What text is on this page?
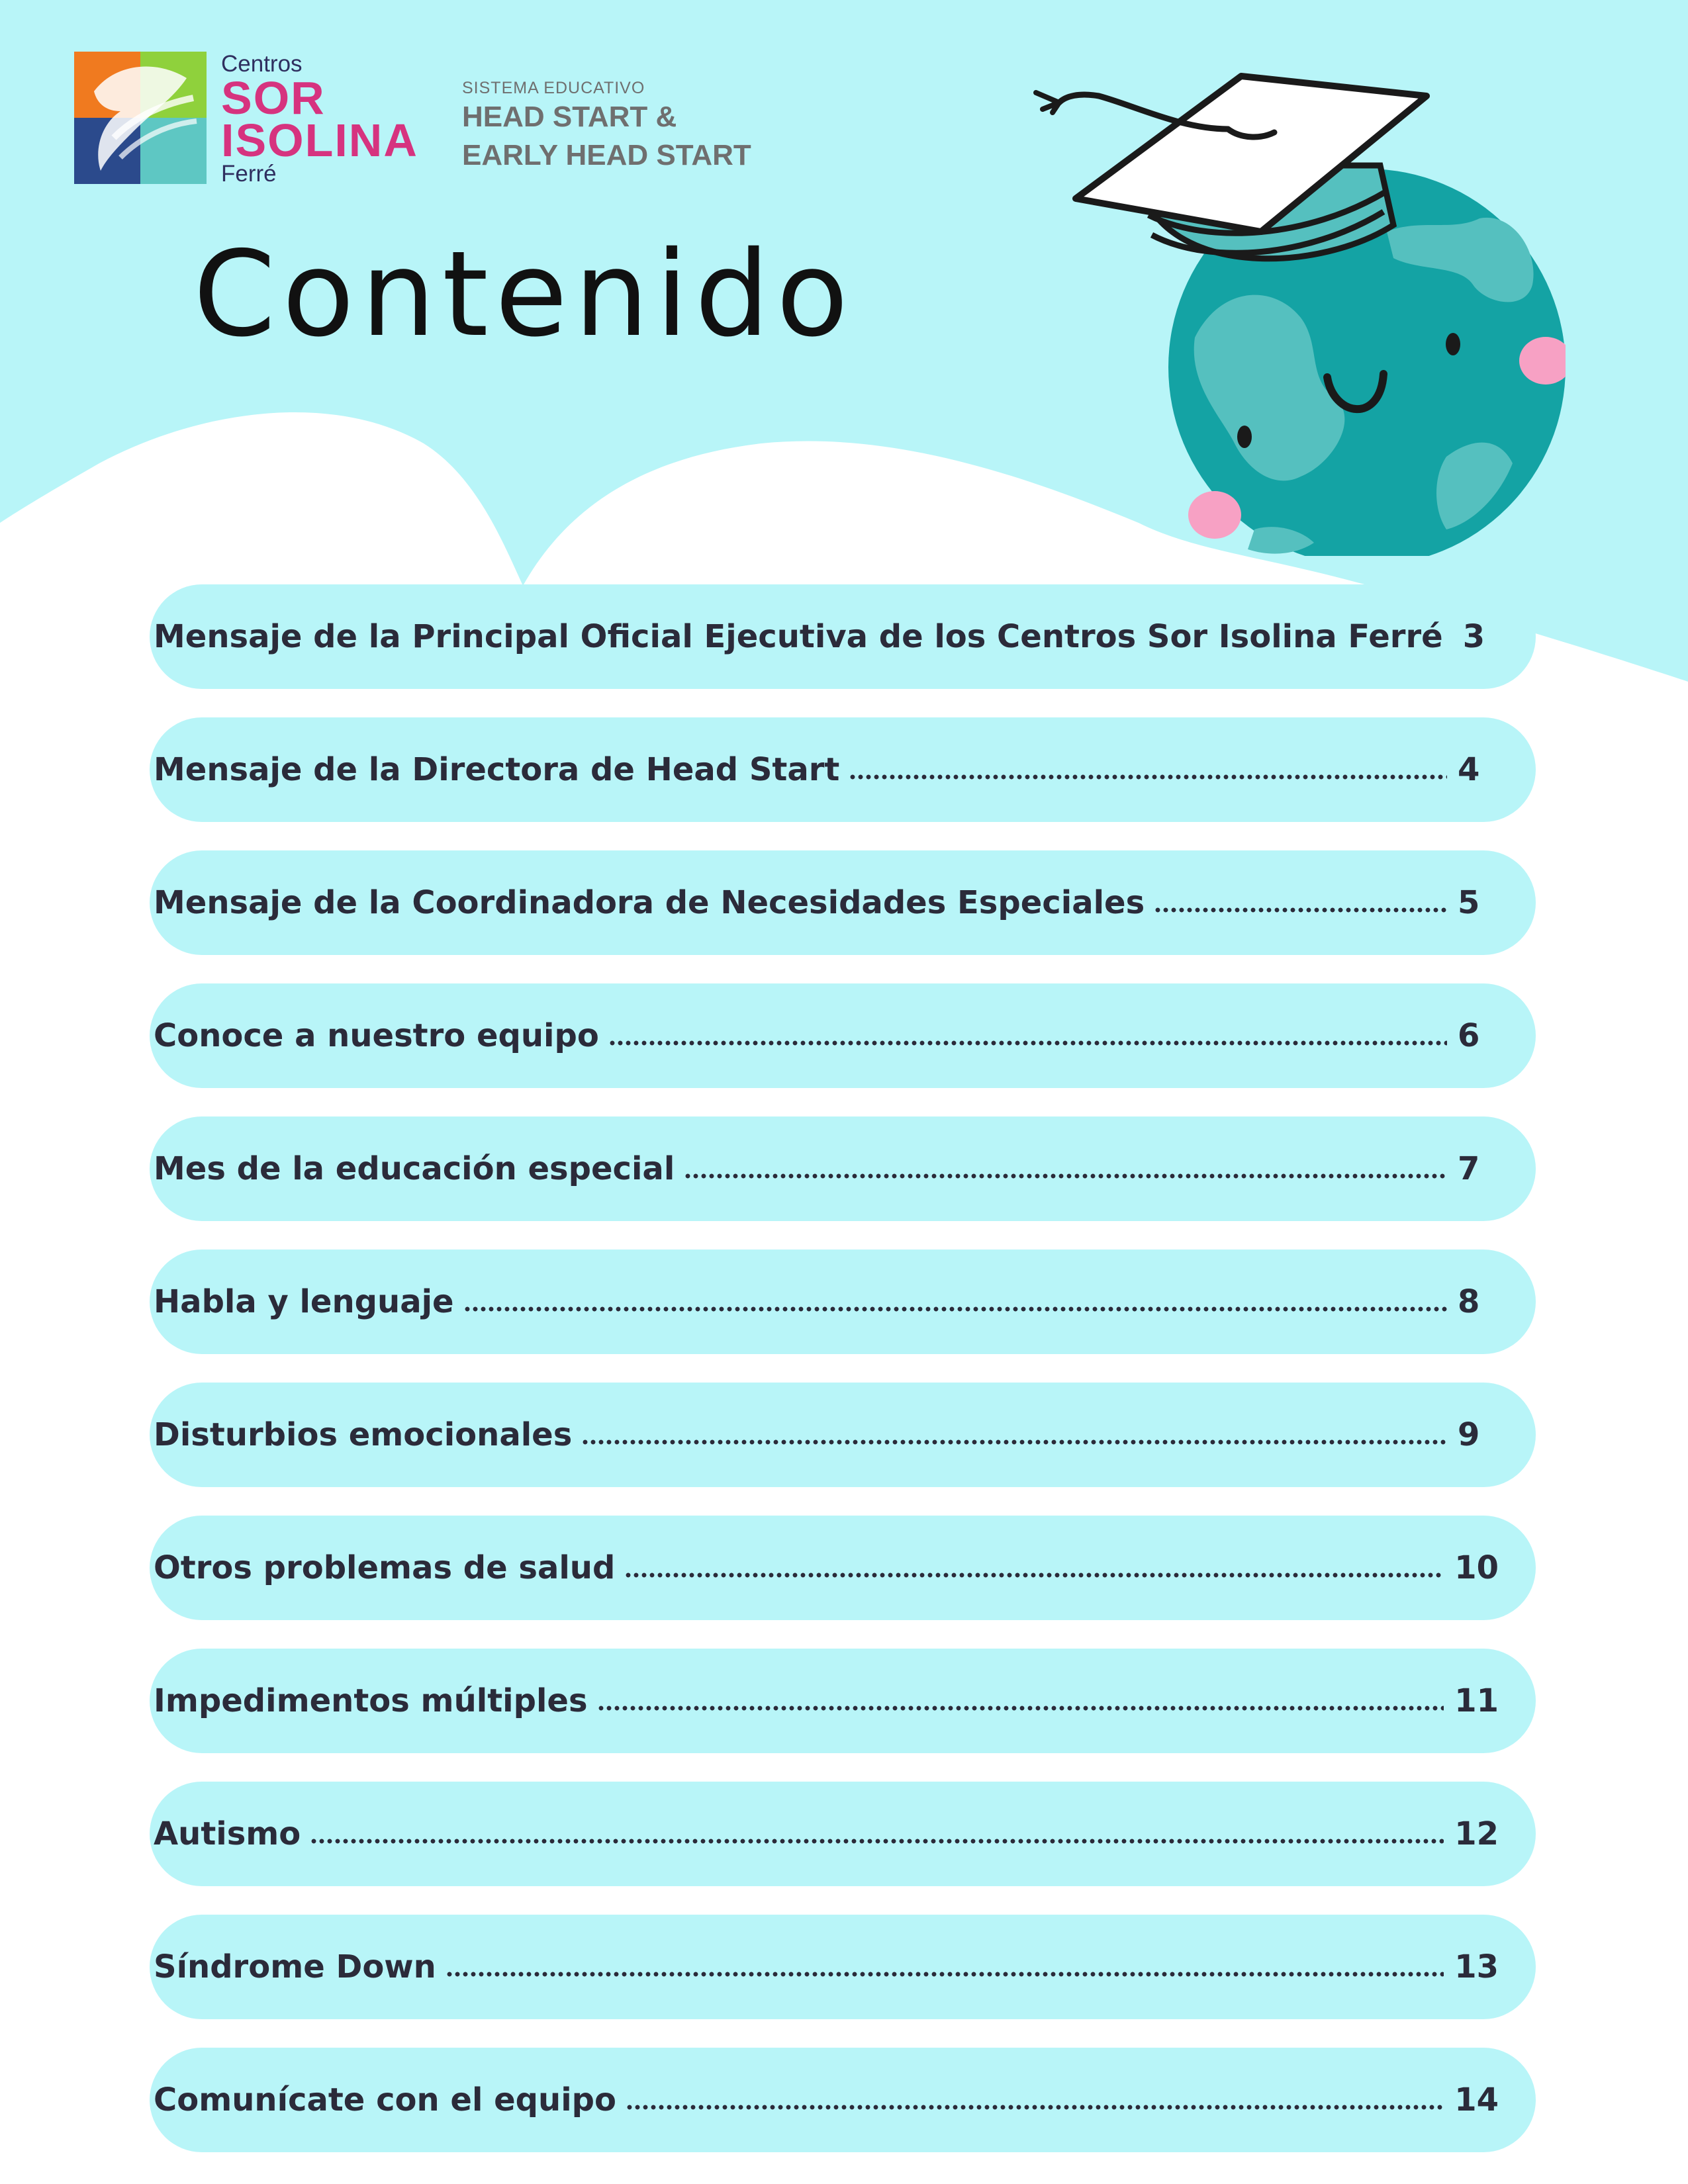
Centros
SOR
ISOLINA
Ferré
SISTEMA EDUCATIVO
HEAD START &
EARLY HEAD START
Contenido
Mensaje de la Principal Oficial Ejecutiva de los Centros Sor Isolina Ferré 3
Mensaje de la Directora de Head Start	4
Mensaje de la Coordinadora de Necesidades Especiales	5
Conoce a nuestro equipo	6
Mes de la educación especial	7
Habla y lenguaje	8
Disturbios emocionales	9
Otros problemas de salud	10
Impedimentos múltiples	11
Autismo	12
Síndrome Down	13
Comunícate con el equipo	14
